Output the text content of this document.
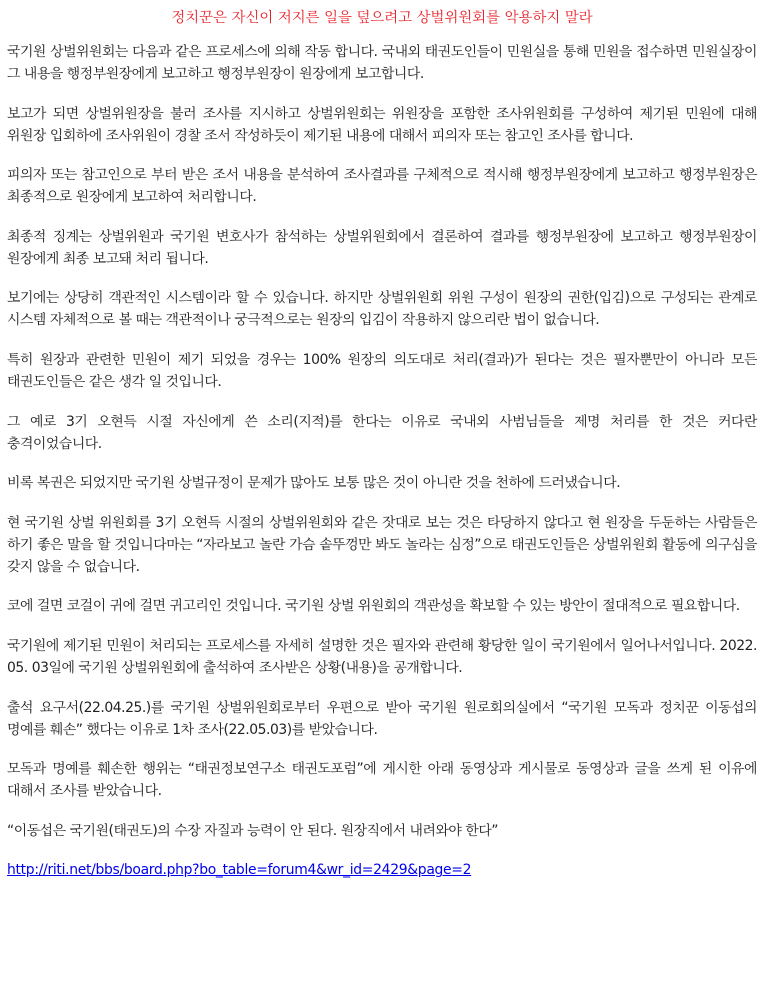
정치꾼은 자신이 저지른 일을 덮으려고 상벌위원회를 악용하지 말라

국기원 상벌위원회는 다음과 같은 프로세스에 의해 작동 합니다. 국내외 태권도인들이 민원실을 통해 민원을 접수하면 민원실장이 그 내용을 행정부원장에게 보고하고 행정부원장이 원장에게 보고합니다.

보고가 되면 상벌위원장을 불러 조사를 지시하고 상벌위원회는 위원장을 포함한 조사위원회를 구성하여 제기된 민원에 대해 위원장 입회하에 조사위원이 경찰 조서 작성하듯이 제기된 내용에 대해서 피의자 또는 참고인 조사를 합니다.

피의자 또는 참고인으로 부터 받은 조서 내용을 분석하여 조사결과를 구체적으로 적시해 행정부원장에게 보고하고 행정부원장은 최종적으로 원장에게 보고하여 처리합니다.

최종적 징계는 상벌위원과 국기원 변호사가 참석하는 상벌위원회에서 결론하여 결과를 행정부원장에 보고하고 행정부원장이 원장에게 최종 보고돼 처리 됩니다.

보기에는 상당히 객관적인 시스템이라 할 수 있습니다. 하지만 상벌위원회 위원 구성이 원장의 권한(입김)으로 구성되는 관계로 시스템 자체적으로 볼 때는 객관적이나 궁극적으로는 원장의 입김이 작용하지 않으리란 법이 없습니다.

특히 원장과 관련한 민원이 제기 되었을 경우는 100% 원장의 의도대로 처리(결과)가 된다는 것은 필자뿐만이 아니라 모든 태권도인들은 같은 생각 일 것입니다.

그 예로 3기 오현득 시절 자신에게 쓴 소리(지적)를 한다는 이유로 국내외 사범님들을 제명 처리를 한 것은 커다란 충격이었습니다.

비록 복권은 되었지만 국기원 상벌규정이 문제가 많아도 보통 많은 것이 아니란 것을 천하에 드러냈습니다.

현 국기원 상벌 위원회를 3기 오현득 시절의 상벌위원회와 같은 잣대로 보는 것은 타당하지 않다고 현 원장을 두둔하는 사람들은 하기 좋은 말을 할 것입니다마는 “자라보고 놀란 가슴 솥뚜껑만 봐도 놀라는 심정”으로 태권도인들은 상벌위원회 활동에 의구심을 갖지 않을 수 없습니다.

코에 걸면 코걸이 귀에 걸면 귀고리인 것입니다. 국기원 상벌 위원회의 객관성을 확보할 수 있는 방안이 절대적으로 필요합니다.

국기원에 제기된 민원이 처리되는 프로세스를 자세히 설명한 것은 필자와 관련해 황당한 일이 국기원에서 일어나서입니다. 2022. 05. 03일에 국기원 상벌위원회에 출석하여 조사받은 상황(내용)을 공개합니다.

출석 요구서(22.04.25.)를 국기원 상벌위원회로부터 우편으로 받아 국기원 원로회의실에서 “국기원 모독과 정치꾼 이동섭의 명예를 훼손” 했다는 이유로 1차 조사(22.05.03)를 받았습니다.

모독과 명예를 훼손한 행위는 “태권정보연구소 태권도포럼”에 게시한 아래 동영상과 게시물로 동영상과 글을 쓰게 된 이유에 대해서 조사를 받았습니다.

“이동섭은 국기원(태권도)의 수장 자질과 능력이 안 된다. 원장직에서 내려와야 한다”

http://riti.net/bbs/board.php?bo_table=forum4&wr_id=2429&page=2
